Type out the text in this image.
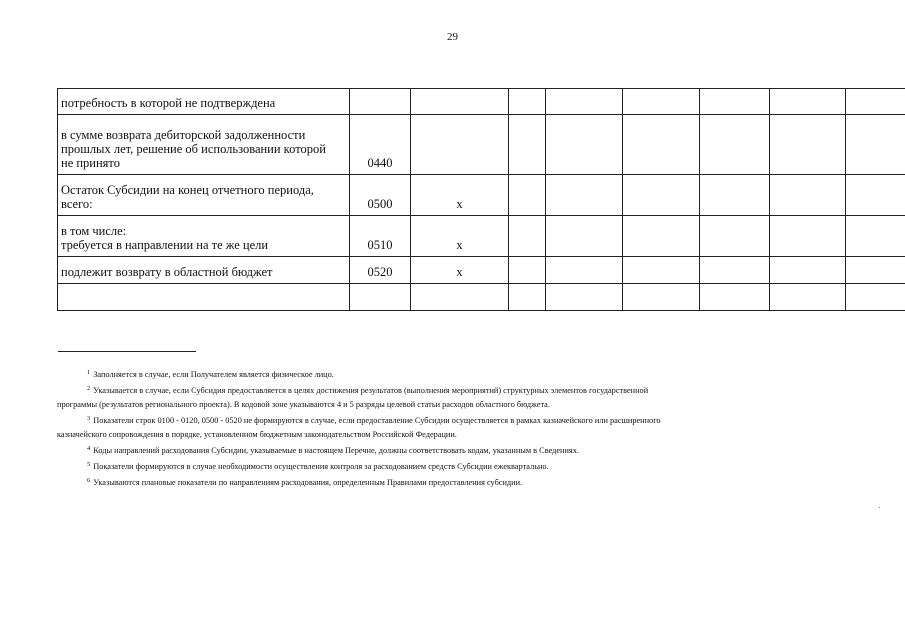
29
потребность в которой не подтверждена								

в сумме возврата дебиторской задолженности
прошлых лет, решение об использовании которой
не принято	0440							

Остаток Субсидии на конец отчетного периода,
всего:	0500	x						

в том числе:
требуется в направлении на те же цели	0510	x						

подлежит возврату в областной бюджет	0520	x						

$^1$ Заполняется в случае, если Получателем является физическое лицо.
$^2$ Указывается в случае, если Субсидия предоставляется в целях достижения результатов (выполнения мероприятий) структурных элементов государственной
программы (результатов регионального проекта). В кодовой зоне указываются 4 и 5 разряды целевой статьи расходов областного бюджета.
$^3$ Показатели строк 0100 - 0120, 0500 - 0520 не формируются в случае, если предоставление Субсидии осуществляется в рамках казначейского или расширенного
казначейского сопровождения в порядке, установленном бюджетным законодательством Российской Федерации.
$^4$ Коды направлений расходования Субсидии, указываемые в настоящем Перечне, должны соответствовать кодам, указанным в Сведениях.
$^5$ Показатели формируются в случае необходимости осуществления контроля за расходованием средств Субсидии ежеквартально.
$^6$ Указываются плановые показатели по направлениям расходования, определенным Правилами предоставления субсидии.
